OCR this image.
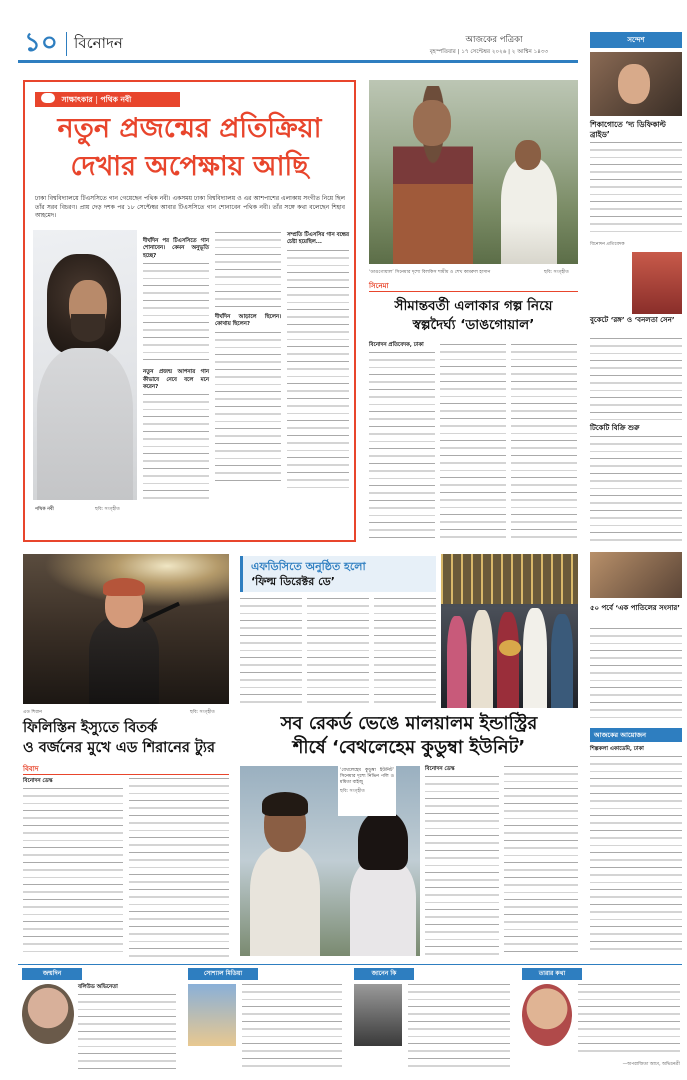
১০ বিনোদন	আজকের পত্রিকা
বৃহস্পতিবার | ১৭ সেপ্টেম্বর ২০২৬ | ২ আশ্বিন ১৪৩৩
সাক্ষাৎকার | পথিক নবী
নতুন প্রজন্মের প্রতিক্রিয়া
দেখার অপেক্ষায় আছি
ঢাকা বিশ্ববিদ্যালয়ে টিএসসিতে গান গেয়েছেন পথিক নবী। একসময় ঢাকা বিশ্ববিদ্যালয় ও এর আশপাশের এলাকায় সংগীত নিয়ে ছিল তাঁর সরব বিচরণ। প্রায় দেড় দশক পর ১৮ সেপ্টেম্বর আবার টিএসসিতে গান শোনাবেন পথিক নবী। তাঁর সঙ্গে কথা বলেছেন শিহাব আহমেদ।
পথিক নবী	ছবি: সংগৃহীত
দীর্ঘদিন পর টিএসসিতে গান শোনাবেন। কেমন অনুভূতি হচ্ছে?
নতুন প্রজন্ম আপনার গান কীভাবে নেবে বলে মনে করেন?
দীর্ঘদিন আড়ালে ছিলেন। কোথায় ছিলেন?
সম্প্রতি টিএসসির গান বন্ধের চেষ্টা হয়েছিল...
‘ডাঙগোয়াল’ সিনেমার দৃশ্যে বিলকিস শামীম ও শেখ কামরুল হাসান	ছবি: সংগৃহীত
সিনেমা
সীমান্তবর্তী এলাকার গল্প নিয়ে
স্বল্পদৈর্ঘ্য ‘ডাঙগোয়াল’
বিনোদন প্রতিবেদক, ঢাকা
এড শিরান	ছবি: সংগৃহীত
ফিলিস্তিন ইস্যুতে বিতর্ক
ও বর্জনের মুখে এড শিরানের ট্যুর
বিবাদ
বিনোদন ডেস্ক
এফডিসিতে অনুষ্ঠিত হলো
‘ফিল্ম ডিরেক্টর ডে’
সব রেকর্ড ভেঙে মালয়ালম ইন্ডাস্ট্রির
শীর্ষে ‘বেথলেহেম কুডুম্বা ইউনিট’
‘বেথলেহেম কুডুম্বা ইউনিট’ সিনেমার দৃশ্যে নিভিন পলি ও মমিতা বাইজু
ছবি: সংগৃহীত
বিনোদন ডেস্ক
সন্দেশ
শিকাগোতে ‘দ্য ডিফিকাল্ট ব্রাইড’
বিনোদন প্রতিবেদক
বুকেটে ‘রঙ্গ’ ও ‘বনলতা সেন’
টিকেটি বিক্রি শুরু
৫০ পর্বে ‘এক পাতিলের সংসার’
আজকের আয়োজন
শিল্পকলা একাডেমি, ঢাকা
জন্মদিন
বলিউড অভিনেতা
সোশ্যাল মিডিয়া	জানেন কি	তারার কথা
—অপরাজিতা আঢ্য, অভিনেত্রী
